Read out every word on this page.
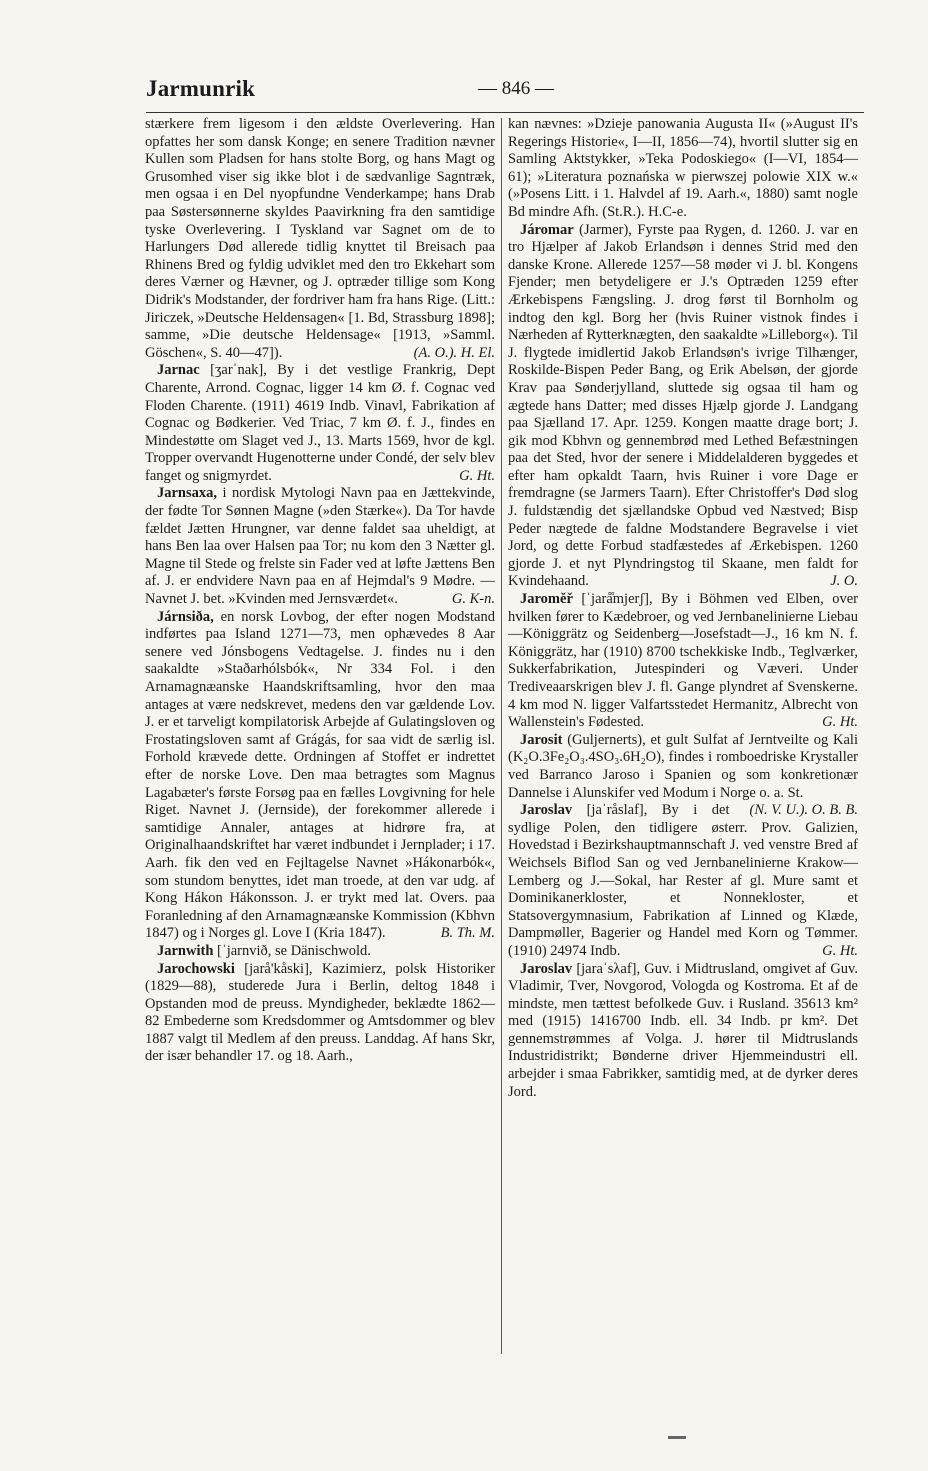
Jarmunrik	— 846 —

stærkere frem ligesom i den ældste Overlevering. Han opfattes her som dansk Konge; en senere Tradition nævner Kullen som Pladsen for hans stolte Borg, og hans Magt og Grusomhed viser sig ikke blot i de sædvanlige Sagntræk, men ogsaa i en Del nyopfundne Venderkampe; hans Drab paa Søstersønnerne skyldes Paavirkning fra den samtidige tyske Overlevering. I Tyskland var Sagnet om de to Harlungers Død allerede tidlig knyttet til Breisach paa Rhinens Bred og fyldig udviklet med den tro Ekkehart som deres Værner og Hævner, og J. optræder tillige som Kong Didrik's Modstander, der fordriver ham fra hans Rige. (Litt.: Jiriczek, »Deutsche Heldensagen« [1. Bd, Strassburg 1898]; samme, »Die deutsche Heldensage« [1913, »Samml. Göschen«, S. 40—47]).	(A. O.). H. El.

Jarnac [ʒarˈnak], By i det vestlige Frankrig, Dept Charente, Arrond. Cognac, ligger 14 km Ø. f. Cognac ved Floden Charente. (1911) 4619 Indb. Vinavl, Fabrikation af Cognac og Bødkerier. Ved Triac, 7 km Ø. f. J., findes en Mindestøtte om Slaget ved J., 13. Marts 1569, hvor de kgl. Tropper overvandt Hugenotterne under Condé, der selv blev fanget og snigmyrdet.	G. Ht.

Jarnsaxa, i nordisk Mytologi Navn paa en Jættekvinde, der fødte Tor Sønnen Magne (»den Stærke«). Da Tor havde fældet Jætten Hrungner, var denne faldet saa uheldigt, at hans Ben laa over Halsen paa Tor; nu kom den 3 Nætter gl. Magne til Stede og frelste sin Fader ved at løfte Jættens Ben af. J. er endvidere Navn paa en af Hejmdal's 9 Mødre. — Navnet J. bet. »Kvinden med Jernsværdet«.	G. K-n.

Járnsiða, en norsk Lovbog, der efter nogen Modstand indførtes paa Island 1271—73, men ophævedes 8 Aar senere ved Jónsbogens Vedtagelse. J. findes nu i den saakaldte »Staðarhólsbók«, Nr 334 Fol. i den Arnamagnæanske Haandskriftsamling, hvor den maa antages at være nedskrevet, medens den var gældende Lov. J. er et tarveligt kompilatorisk Arbejde af Gulatingsloven og Frostatingsloven samt af Grágás, for saa vidt de særlig isl. Forhold krævede dette. Ordningen af Stoffet er indrettet efter de norske Love. Den maa betragtes som Magnus Lagabæter's første Forsøg paa en fælles Lovgivning for hele Riget. Navnet J. (Jernside), der forekommer allerede i samtidige Annaler, antages at hidrøre fra, at Originalhaandskriftet har været indbundet i Jernplader; i 17. Aarh. fik den ved en Fejltagelse Navnet »Hákonarbók«, som stundom benyttes, idet man troede, at den var udg. af Kong Hákon Hákonsson. J. er trykt med lat. Overs. paa Foranledning af den Arnamagnæanske Kommission (Kbhvn 1847) og i Norges gl. Love I (Kria 1847).	B. Th. M.

Jarnwith [ˈjarnvið, se Dänischwold.

Jarochowski [jarå'kåski], Kazimierz, polsk Historiker (1829—88), studerede Jura i Berlin, deltog 1848 i Opstanden mod de preuss. Myndigheder, beklædte 1862—82 Embederne som Kredsdommer og Amtsdommer og blev 1887 valgt til Medlem af den preuss. Landdag. Af hans Skr, der især behandler 17. og 18. Aarh.,

kan nævnes: »Dzieje panowania Augusta II« (»August II's Regerings Historie«, I—II, 1856—74), hvortil slutter sig en Samling Aktstykker, »Teka Podoskiego« (I—VI, 1854—61); »Literatura poznańska w pierwszej polowie XIX w.« (»Posens Litt. i 1. Halvdel af 19. Aarh.«, 1880) samt nogle Bd mindre Afh. (St.R.). H.C-e.

Járomar (Jarmer), Fyrste paa Rygen, d. 1260. J. var en tro Hjælper af Jakob Erlandsøn i dennes Strid med den danske Krone. Allerede 1257—58 møder vi J. bl. Kongens Fjender; men betydeligere er J.'s Optræden 1259 efter Ærkebispens Fængsling. J. drog først til Bornholm og indtog den kgl. Borg her (hvis Ruiner vistnok findes i Nærheden af Rytterknægten, den saakaldte »Lilleborg«). Til J. flygtede imidlertid Jakob Erlandsøn's ivrige Tilhænger, Roskilde-Bispen Peder Bang, og Erik Abelsøn, der gjorde Krav paa Sønderjylland, sluttede sig ogsaa til ham og ægtede hans Datter; med disses Hjælp gjorde J. Landgang paa Sjælland 17. Apr. 1259. Kongen maatte drage bort; J. gik mod Kbhvn og gennembrød med Lethed Befæstningen paa det Sted, hvor der senere i Middelalderen byggedes et efter ham opkaldt Taarn, hvis Ruiner i vore Dage er fremdragne (se Jarmers Taarn). Efter Christoffer's Død slog J. fuldstændig det sjællandske Opbud ved Næstved; Bisp Peder nægtede de faldne Modstandere Begravelse i viet Jord, og dette Forbud stadfæstedes af Ærkebispen. 1260 gjorde J. et nyt Plyndringstog til Skaane, men faldt for Kvindehaand.	J. O.

Jaroměř [ˈjarå̊mjerʃ], By i Böhmen ved Elben, over hvilken fører to Kædebroer, og ved Jernbanelinierne Liebau—Königgrätz og Seidenberg—Josefstadt—J., 16 km N. f. Königgrätz, har (1910) 8700 tschekkiske Indb., Teglværker, Sukkerfabrikation, Jutespinderi og Væveri. Under Trediveaarskrigen blev J. fl. Gange plyndret af Svenskerne. 4 km mod N. ligger Valfartsstedet Hermanitz, Albrecht von Wallenstein's Fødested.	G. Ht.

Jarosit (Guljernerts), et gult Sulfat af Jerntveilte og Kali (K₂O.3Fe₂O₃.4SO₃.6H₂O), findes i romboedriske Krystaller ved Barranco Jaroso i Spanien og som konkretionær Dannelse i Alunskifer ved Modum i Norge o. a. St.
(N. V. U.). O. B. B.

Jaroslav [jaˈråslaf], By i det sydlige Polen, den tidligere østerr. Prov. Galizien, Hovedstad i Bezirkshauptmannschaft J. ved venstre Bred af Weichsels Biflod San og ved Jernbanelinierne Krakow—Lemberg og J.—Sokal, har Rester af gl. Mure samt et Dominikanerkloster, et Nonnekloster, et Statsovergymnasium, Fabrikation af Linned og Klæde, Dampmøller, Bagerier og Handel med Korn og Tømmer. (1910) 24974 Indb.	G. Ht.

Jaroslav [jaraˈsλaf], Guv. i Midtrusland, omgivet af Guv. Vladimir, Tver, Novgorod, Vologda og Kostroma. Et af de mindste, men tættest befolkede Guv. i Rusland. 35613 km² med (1915) 1416700 Indb. ell. 34 Indb. pr km². Det gennemstrømmes af Volga. J. hører til Midtruslands Industridistrikt; Bønderne driver Hjemmeindustri ell. arbejder i smaa Fabrikker, samtidig med, at de dyrker deres Jord.
